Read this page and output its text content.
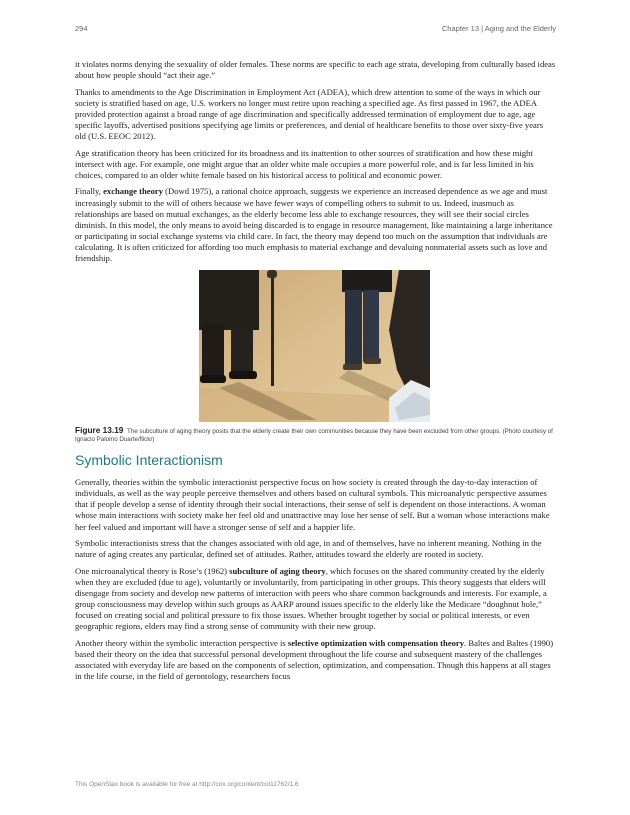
294	Chapter 13 | Aging and the Elderly

it violates norms denying the sexuality of older females. These norms are specific to each age strata, developing from culturally based ideas about how people should “act their age.”

Thanks to amendments to the Age Discrimination in Employment Act (ADEA), which drew attention to some of the ways in which our society is stratified based on age, U.S. workers no longer must retire upon reaching a specified age. As first passed in 1967, the ADEA provided protection against a broad range of age discrimination and specifically addressed termination of employment due to age, age specific layoffs, advertised positions specifying age limits or preferences, and denial of healthcare benefits to those over sixty-five years old (U.S. EEOC 2012).

Age stratification theory has been criticized for its broadness and its inattention to other sources of stratification and how these might intersect with age. For example, one might argue that an older white male occupies a more powerful role, and is far less limited in his choices, compared to an older white female based on his historical access to political and economic power.

Finally, exchange theory (Dowd 1975), a rational choice approach, suggests we experience an increased dependence as we age and must increasingly submit to the will of others because we have fewer ways of compelling others to submit to us. Indeed, inasmuch as relationships are based on mutual exchanges, as the elderly become less able to exchange resources, they will see their social circles diminish. In this model, the only means to avoid being discarded is to engage in resource management, like maintaining a large inheritance or participating in social exchange systems via child care. In fact, the theory may depend too much on the assumption that individuals are calculating. It is often criticized for affording too much emphasis to material exchange and devaluing nonmaterial assets such as love and friendship.

Figure 13.19 The subculture of aging theory posits that the elderly create their own communities because they have been excluded from other groups. (Photo courtesy of Ignacio Palomo Duarte/flickr)
Symbolic Interactionism

Generally, theories within the symbolic interactionist perspective focus on how society is created through the day-to-day interaction of individuals, as well as the way people perceive themselves and others based on cultural symbols. This microanalytic perspective assumes that if people develop a sense of identity through their social interactions, their sense of self is dependent on those interactions. A woman whose main interactions with society make her feel old and unattractive may lose her sense of self. But a woman whose interactions make her feel valued and important will have a stronger sense of self and a happier life.

Symbolic interactionists stress that the changes associated with old age, in and of themselves, have no inherent meaning. Nothing in the nature of aging creates any particular, defined set of attitudes. Rather, attitudes toward the elderly are rooted in society.

One microanalytical theory is Rose’s (1962) subculture of aging theory, which focuses on the shared community created by the elderly when they are excluded (due to age), voluntarily or involuntarily, from participating in other groups. This theory suggests that elders will disengage from society and develop new patterns of interaction with peers who share common backgrounds and interests. For example, a group consciousness may develop within such groups as AARP around issues specific to the elderly like the Medicare “doughnut hole,” focused on creating social and political pressure to fix those issues. Whether brought together by social or political interests, or even geographic regions, elders may find a strong sense of community with their new group.

Another theory within the symbolic interaction perspective is selective optimization with compensation theory. Baltes and Baltes (1990) based their theory on the idea that successful personal development throughout the life course and subsequent mastery of the challenges associated with everyday life are based on the components of selection, optimization, and compensation. Though this happens at all stages in the life course, in the field of gerontology, researchers focus

This OpenStax book is available for free at http://cnx.org/content/col11762/1.6
